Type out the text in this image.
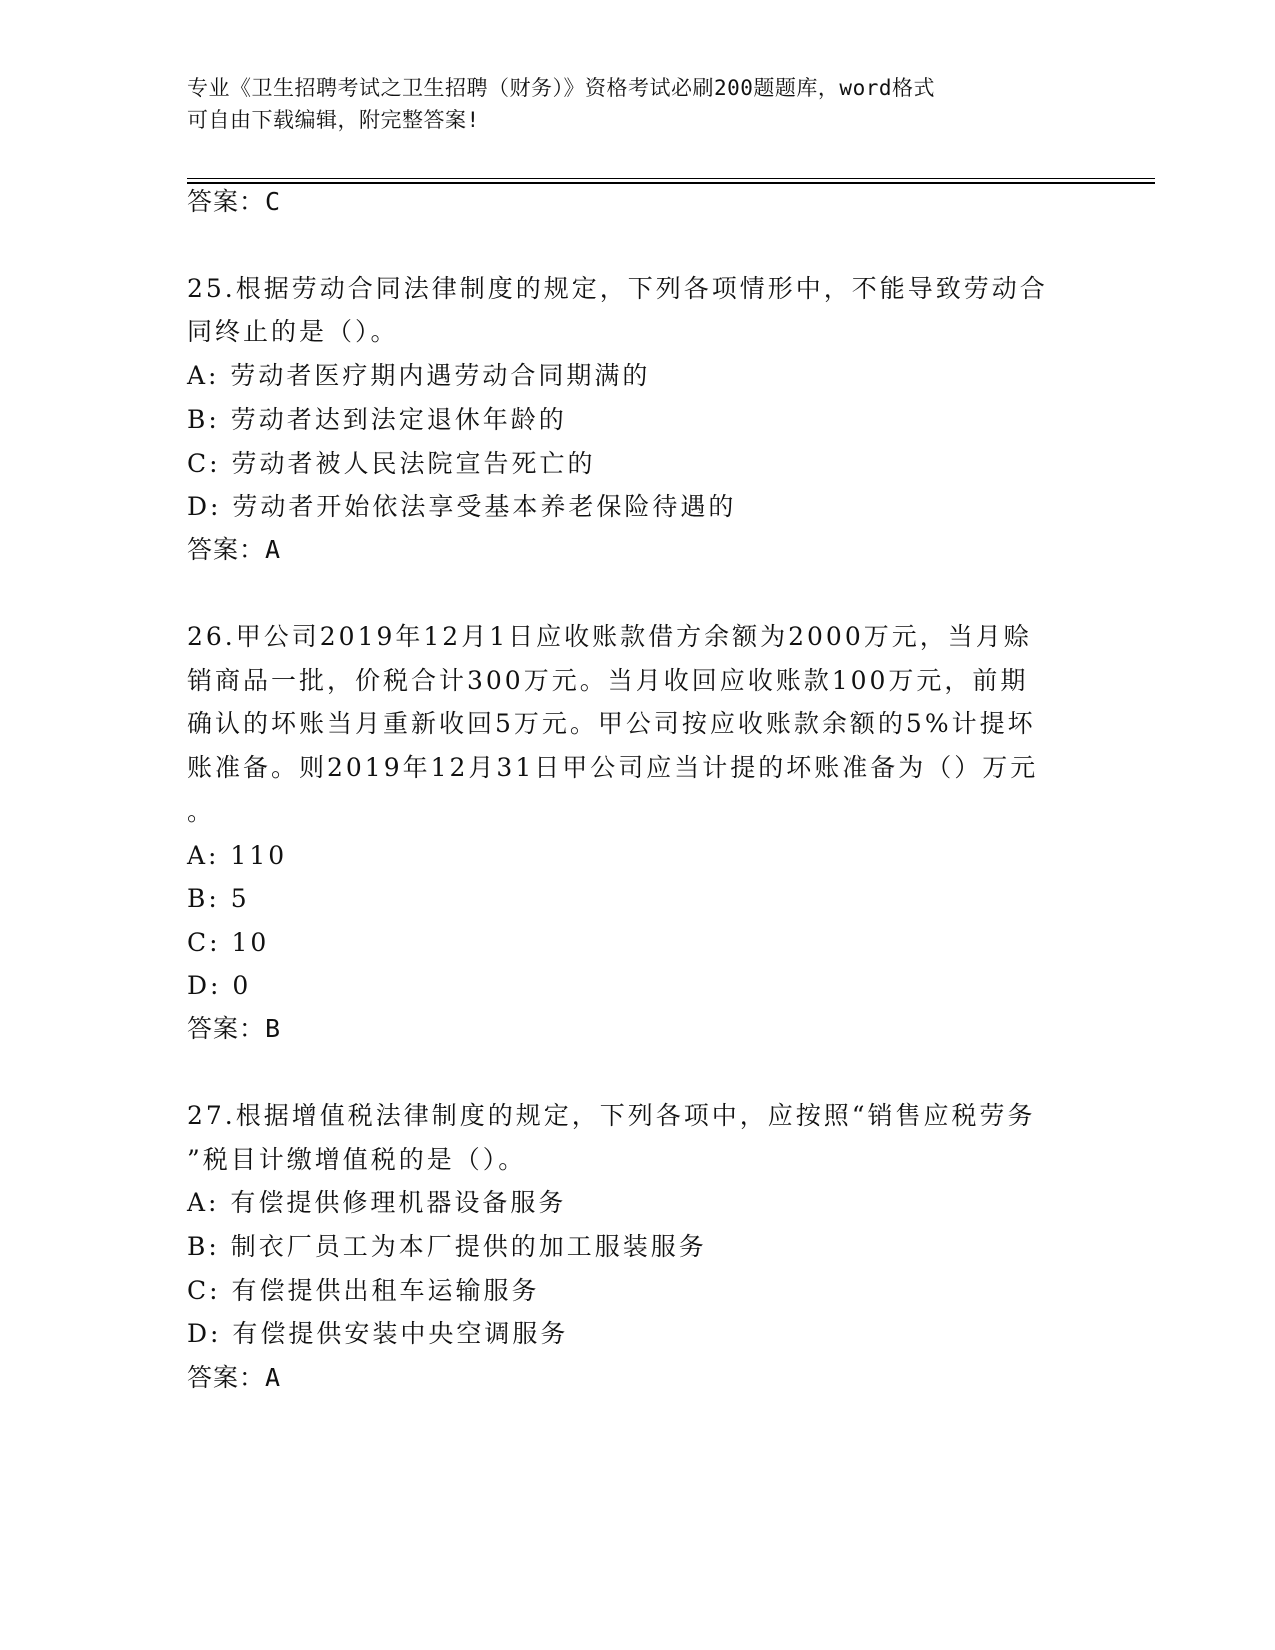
专业《卫生招聘考试之卫生招聘（财务）》资格考试必刷200题题库，word格式
可自由下载编辑，附完整答案!
答案：C
25.根据劳动合同法律制度的规定，下列各项情形中，不能导致劳动合
同终止的是（）。
A: 劳动者医疗期内遇劳动合同期满的
B: 劳动者达到法定退休年龄的
C: 劳动者被人民法院宣告死亡的
D: 劳动者开始依法享受基本养老保险待遇的
答案：A
26.甲公司2019年12月1日应收账款借方余额为2000万元，当月赊
销商品一批，价税合计300万元。当月收回应收账款100万元，前期
确认的坏账当月重新收回5万元。甲公司按应收账款余额的5%计提坏
账准备。则2019年12月31日甲公司应当计提的坏账准备为（）万元
。
A: 110
B: 5
C: 10
D: 0
答案：B
27.根据增值税法律制度的规定，下列各项中，应按照“销售应税劳务
”税目计缴增值税的是（）。
A: 有偿提供修理机器设备服务
B: 制衣厂员工为本厂提供的加工服装服务
C: 有偿提供出租车运输服务
D: 有偿提供安装中央空调服务
答案：A
